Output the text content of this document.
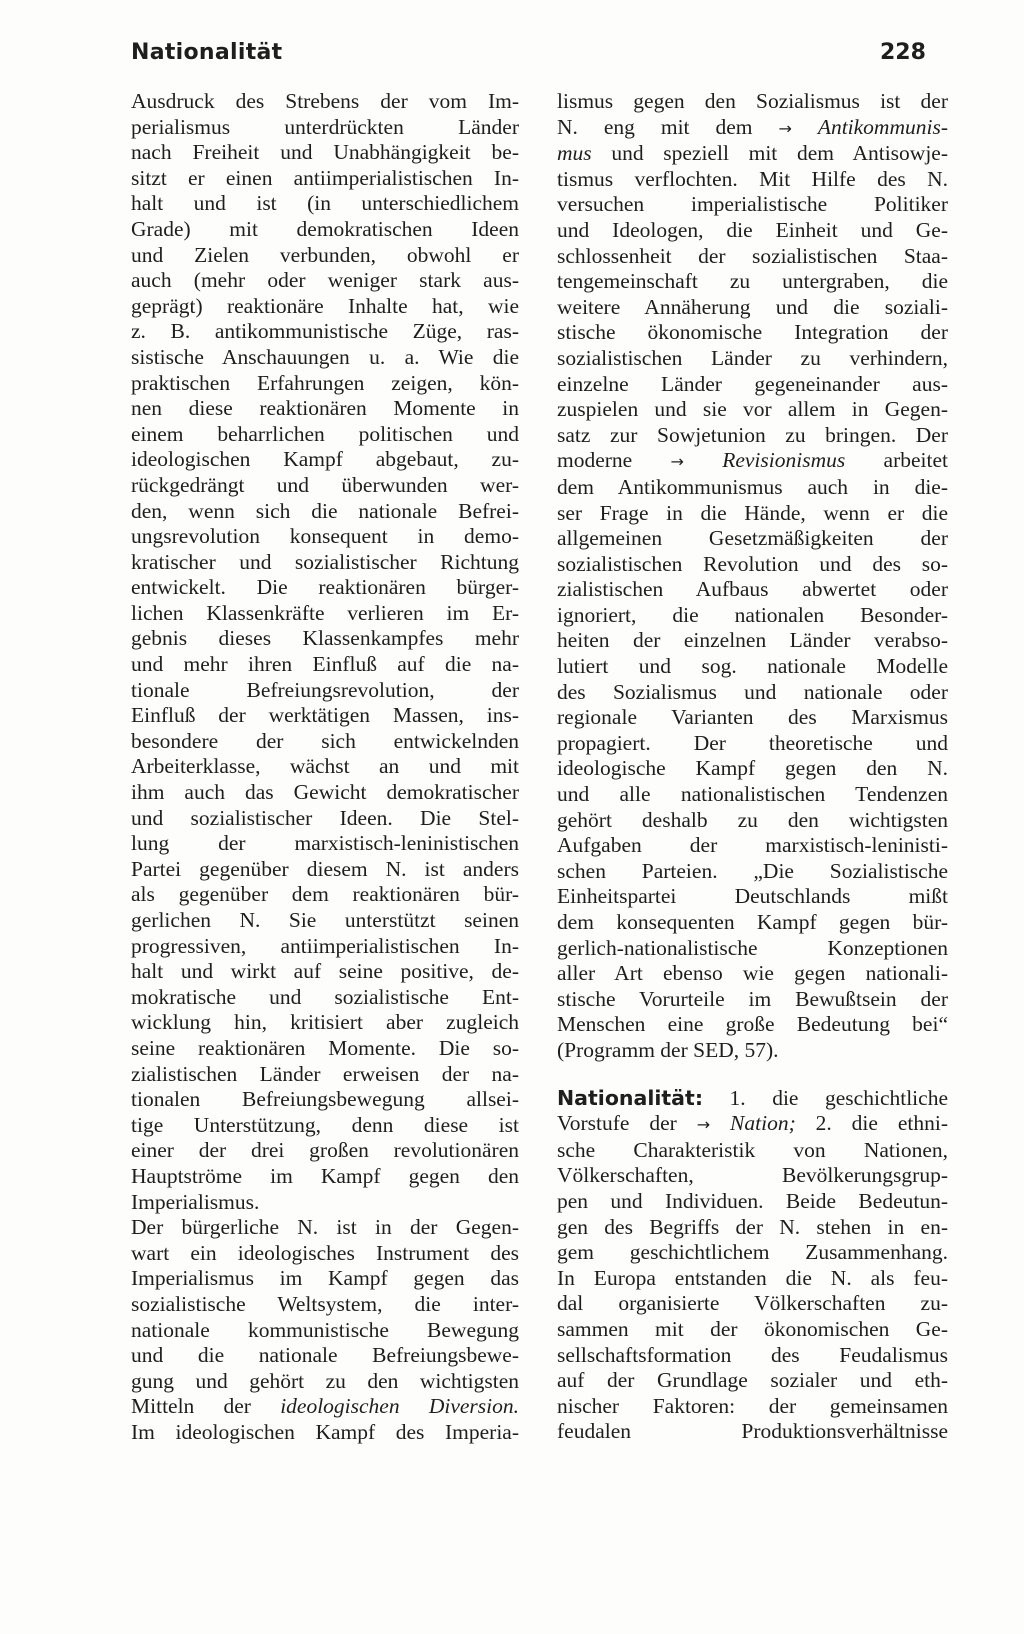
Nationalität	228
Ausdruck des Strebens der vom Im-
perialismus unterdrückten Länder
nach Freiheit und Unabhängigkeit be-
sitzt er einen antiimperialistischen In-
halt und ist (in unterschiedlichem
Grade) mit demokratischen Ideen
und Zielen verbunden, obwohl er
auch (mehr oder weniger stark aus-
geprägt) reaktionäre Inhalte hat, wie
z. B. antikommunistische Züge, ras-
sistische Anschauungen u. a. Wie die
praktischen Erfahrungen zeigen, kön-
nen diese reaktionären Momente in
einem beharrlichen politischen und
ideologischen Kampf abgebaut, zu-
rückgedrängt und überwunden wer-
den, wenn sich die nationale Befrei-
ungsrevolution konsequent in demo-
kratischer und sozialistischer Richtung
entwickelt. Die reaktionären bürger-
lichen Klassenkräfte verlieren im Er-
gebnis dieses Klassenkampfes mehr
und mehr ihren Einfluß auf die na-
tionale Befreiungsrevolution, der
Einfluß der werktätigen Massen, ins-
besondere der sich entwickelnden
Arbeiterklasse, wächst an und mit
ihm auch das Gewicht demokratischer
und sozialistischer Ideen. Die Stel-
lung der marxistisch-leninistischen
Partei gegenüber diesem N. ist anders
als gegenüber dem reaktionären bür-
gerlichen N. Sie unterstützt seinen
progressiven, antiimperialistischen In-
halt und wirkt auf seine positive, de-
mokratische und sozialistische Ent-
wicklung hin, kritisiert aber zugleich
seine reaktionären Momente. Die so-
zialistischen Länder erweisen der na-
tionalen Befreiungsbewegung allsei-
tige Unterstützung, denn diese ist
einer der drei großen revolutionären
Hauptströme im Kampf gegen den
Imperialismus.
Der bürgerliche N. ist in der Gegen-
wart ein ideologisches Instrument des
Imperialismus im Kampf gegen das
sozialistische Weltsystem, die inter-
nationale kommunistische Bewegung
und die nationale Befreiungsbewe-
gung und gehört zu den wichtigsten
Mitteln der ideologischen Diversion.
Im ideologischen Kampf des Imperia-
lismus gegen den Sozialismus ist der
N. eng mit dem → Antikommunis-
mus und speziell mit dem Antisowje-
tismus verflochten. Mit Hilfe des N.
versuchen imperialistische Politiker
und Ideologen, die Einheit und Ge-
schlossenheit der sozialistischen Staa-
tengemeinschaft zu untergraben, die
weitere Annäherung und die soziali-
stische ökonomische Integration der
sozialistischen Länder zu verhindern,
einzelne Länder gegeneinander aus-
zuspielen und sie vor allem in Gegen-
satz zur Sowjetunion zu bringen. Der
moderne → Revisionismus arbeitet
dem Antikommunismus auch in die-
ser Frage in die Hände, wenn er die
allgemeinen Gesetzmäßigkeiten der
sozialistischen Revolution und des so-
zialistischen Aufbaus abwertet oder
ignoriert, die nationalen Besonder-
heiten der einzelnen Länder verabso-
lutiert und sog. nationale Modelle
des Sozialismus und nationale oder
regionale Varianten des Marxismus
propagiert. Der theoretische und
ideologische Kampf gegen den N.
und alle nationalistischen Tendenzen
gehört deshalb zu den wichtigsten
Aufgaben der marxistisch-leninisti-
schen Parteien. „Die Sozialistische
Einheitspartei Deutschlands mißt
dem konsequenten Kampf gegen bür-
gerlich-nationalistische Konzeptionen
aller Art ebenso wie gegen nationali-
stische Vorurteile im Bewußtsein der
Menschen eine große Bedeutung bei“
(Programm der SED, 57).
Nationalität: 1. die geschichtliche
Vorstufe der → Nation; 2. die ethni-
sche Charakteristik von Nationen,
Völkerschaften, Bevölkerungsgrup-
pen und Individuen. Beide Bedeutun-
gen des Begriffs der N. stehen in en-
gem geschichtlichem Zusammenhang.
In Europa entstanden die N. als feu-
dal organisierte Völkerschaften zu-
sammen mit der ökonomischen Ge-
sellschaftsformation des Feudalismus
auf der Grundlage sozialer und eth-
nischer Faktoren: der gemeinsamen
feudalen Produktionsverhältnisse
